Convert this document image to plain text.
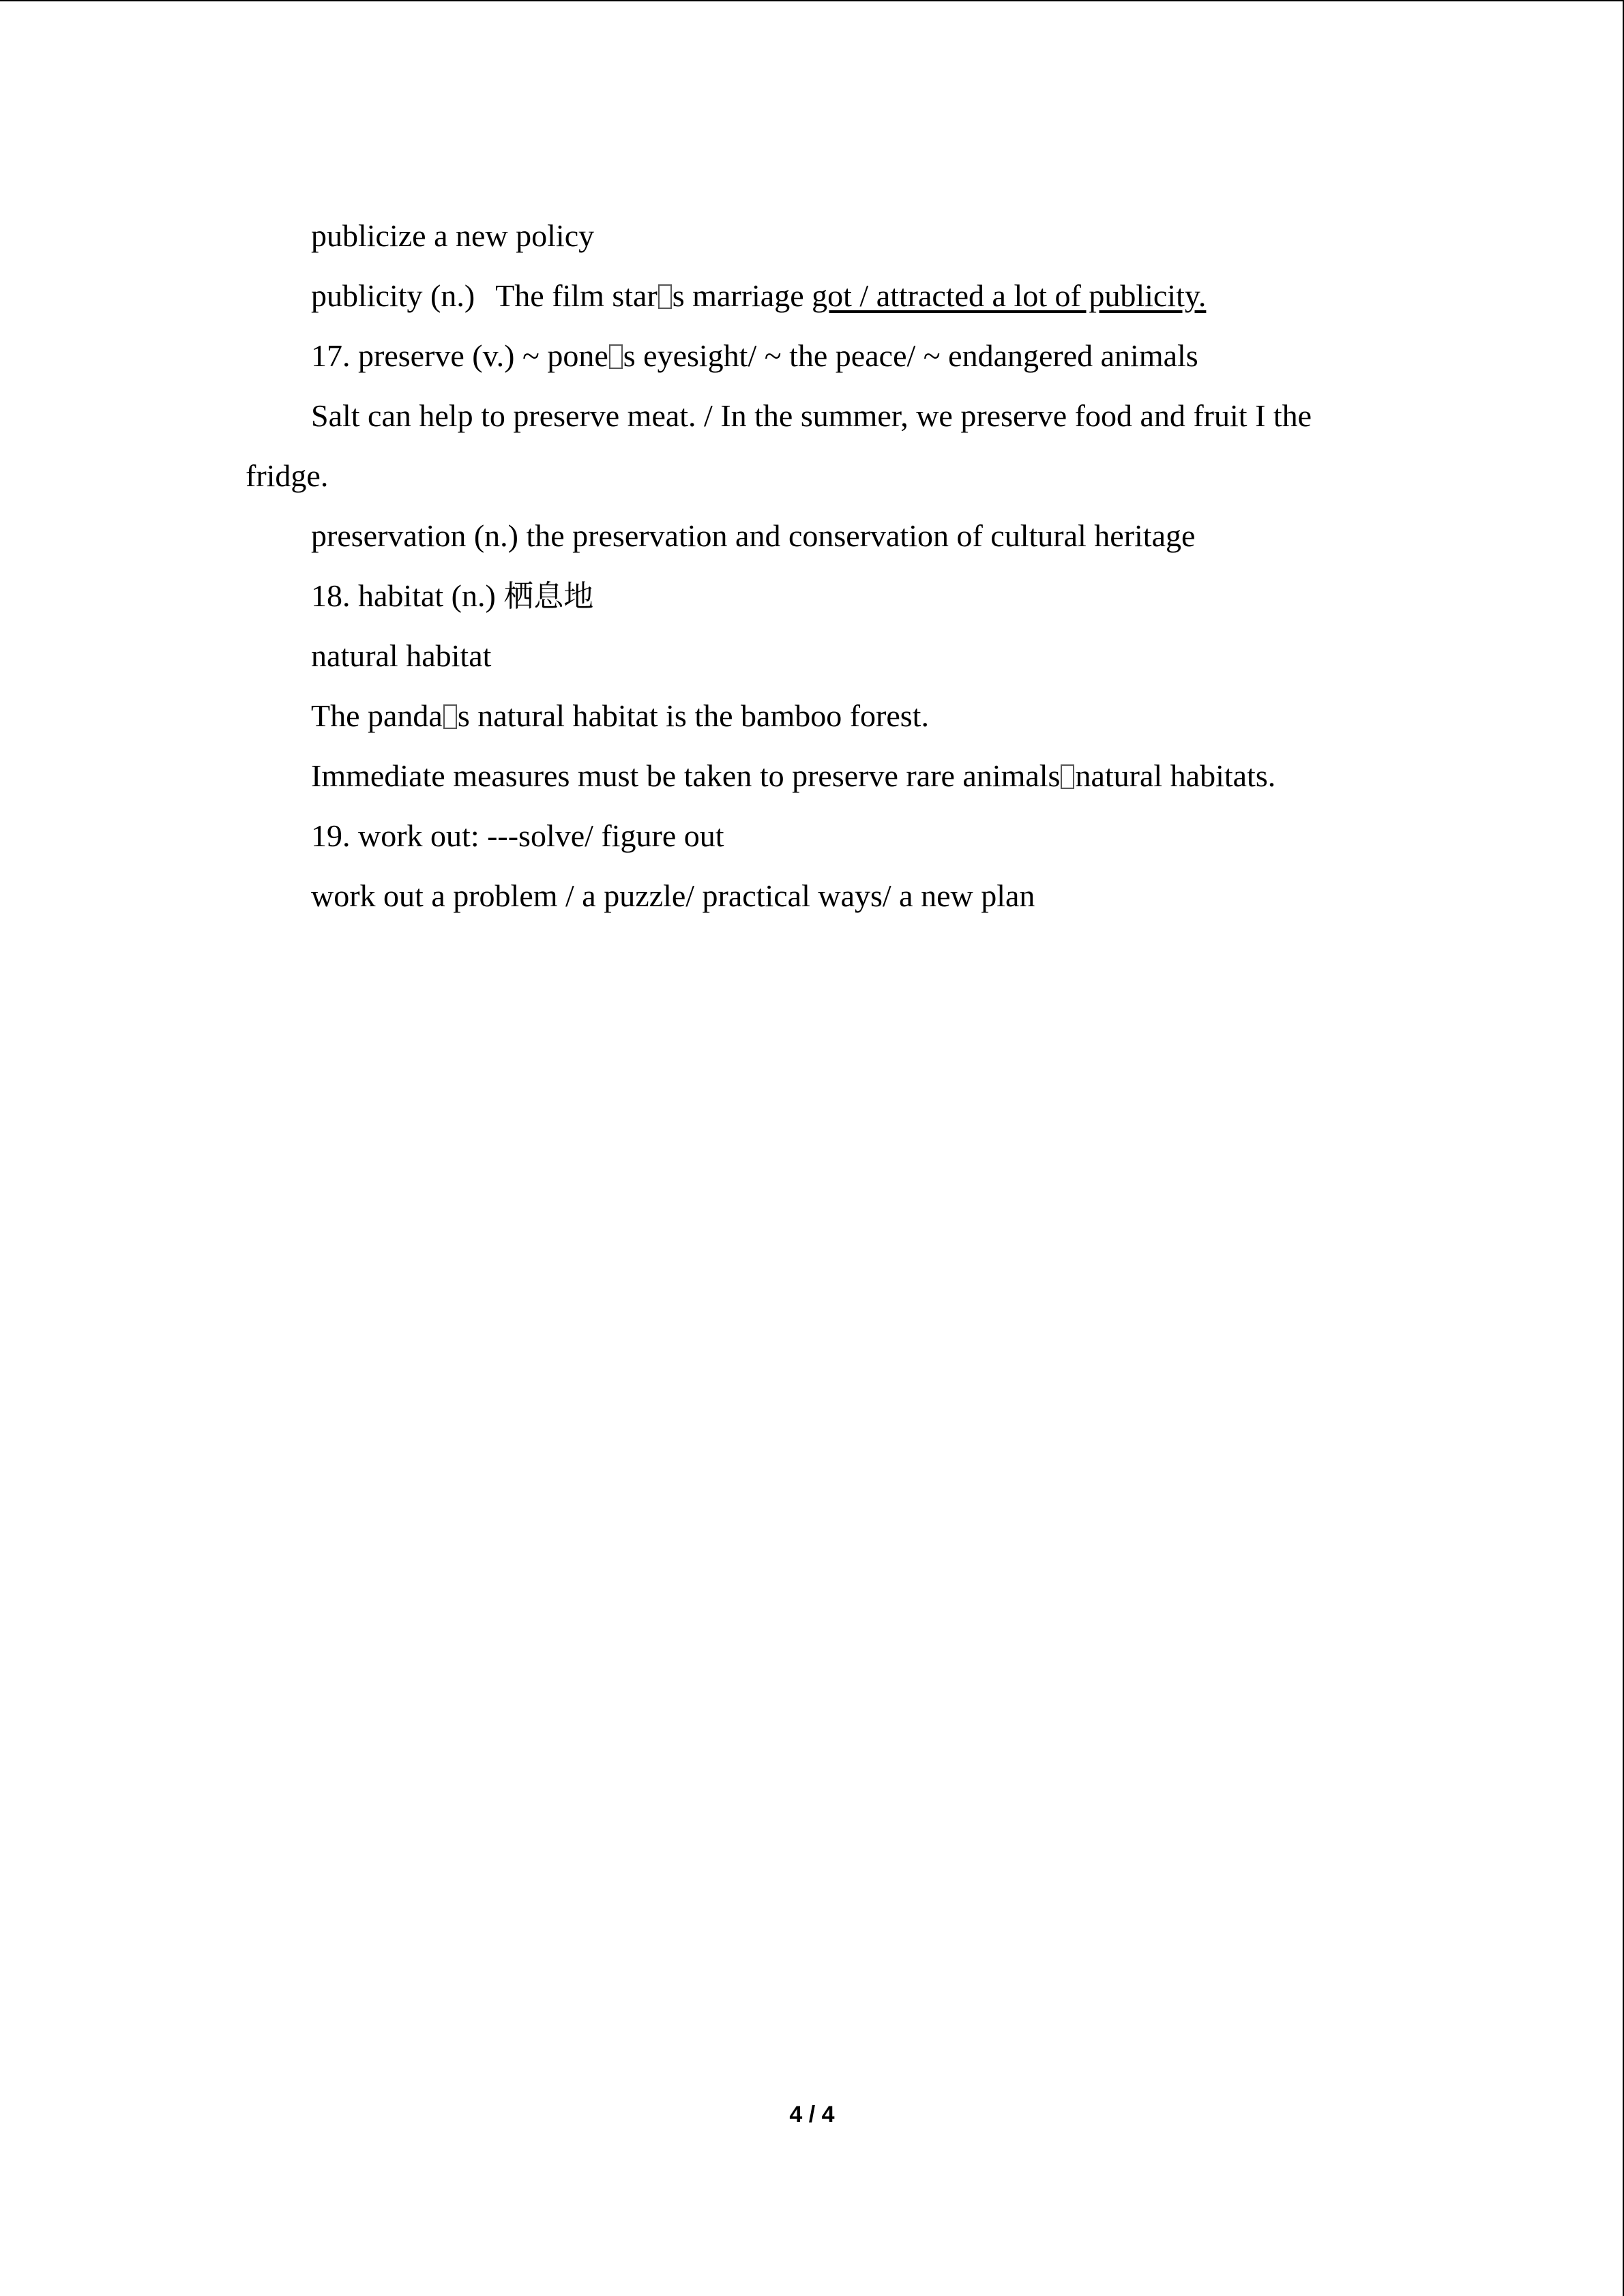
publicize a new policy
publicity (n.) The film star s marriage got / attracted a lot of publicity.
17. preserve (v.) ~ pone s eyesight/ ~ the peace/ ~ endangered animals
Salt can help to preserve meat. / In the summer, we preserve food and fruit I the
fridge.
preservation (n.) the preservation and conservation of cultural heritage
18. habitat (n.) 栖息地
natural habitat
The panda s natural habitat is the bamboo forest.
Immediate measures must be taken to preserve rare animals natural habitats.
19. work out: ---solve/ figure out
work out a problem / a puzzle/ practical ways/ a new plan
4 / 4
